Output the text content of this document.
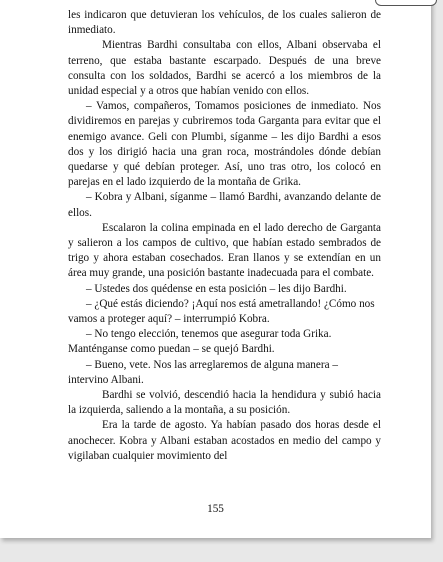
les indicaron que detuvieran los vehículos, de los cuales salieron de inmediato.

Mientras Bardhi consultaba con ellos, Albani observaba el terreno, que estaba bastante escarpado. Después de una breve consulta con los soldados, Bardhi se acercó a los miembros de la unidad especial y a otros que habían venido con ellos.

– Vamos, compañeros, Tomamos posiciones de inmediato. Nos dividiremos en parejas y cubriremos toda Garganta para evitar que el enemigo avance. Geli con Plumbi, síganme – les dijo Bardhi a esos dos y los dirigió hacia una gran roca, mostrándoles dónde debían quedarse y qué debían proteger. Así, uno tras otro, los colocó en parejas en el lado izquierdo de la montaña de Grika.

– Kobra y Albani, síganme – llamó Bardhi, avanzando delante de ellos.

Escalaron la colina empinada en el lado derecho de Garganta y salieron a los campos de cultivo, que habían estado sembrados de trigo y ahora estaban cosechados. Eran llanos y se extendían en un área muy grande, una posición bastante inadecuada para el combate.

– Ustedes dos quédense en esta posición – les dijo Bardhi.

– ¿Qué estás diciendo? ¡Aquí nos está ametrallando! ¿Cómo nos vamos a proteger aquí? – interrumpió Kobra.

– No tengo elección, tenemos que asegurar toda Grika. Manténganse como puedan – se quejó Bardhi.

– Bueno, vete. Nos las arreglaremos de alguna manera – intervino Albani.

Bardhi se volvió, descendió hacia la hendidura y subió hacia la izquierda, saliendo a la montaña, a su posición.

Era la tarde de agosto. Ya habían pasado dos horas desde el anochecer. Kobra y Albani estaban acostados en medio del campo y vigilaban cualquier movimiento del

155
